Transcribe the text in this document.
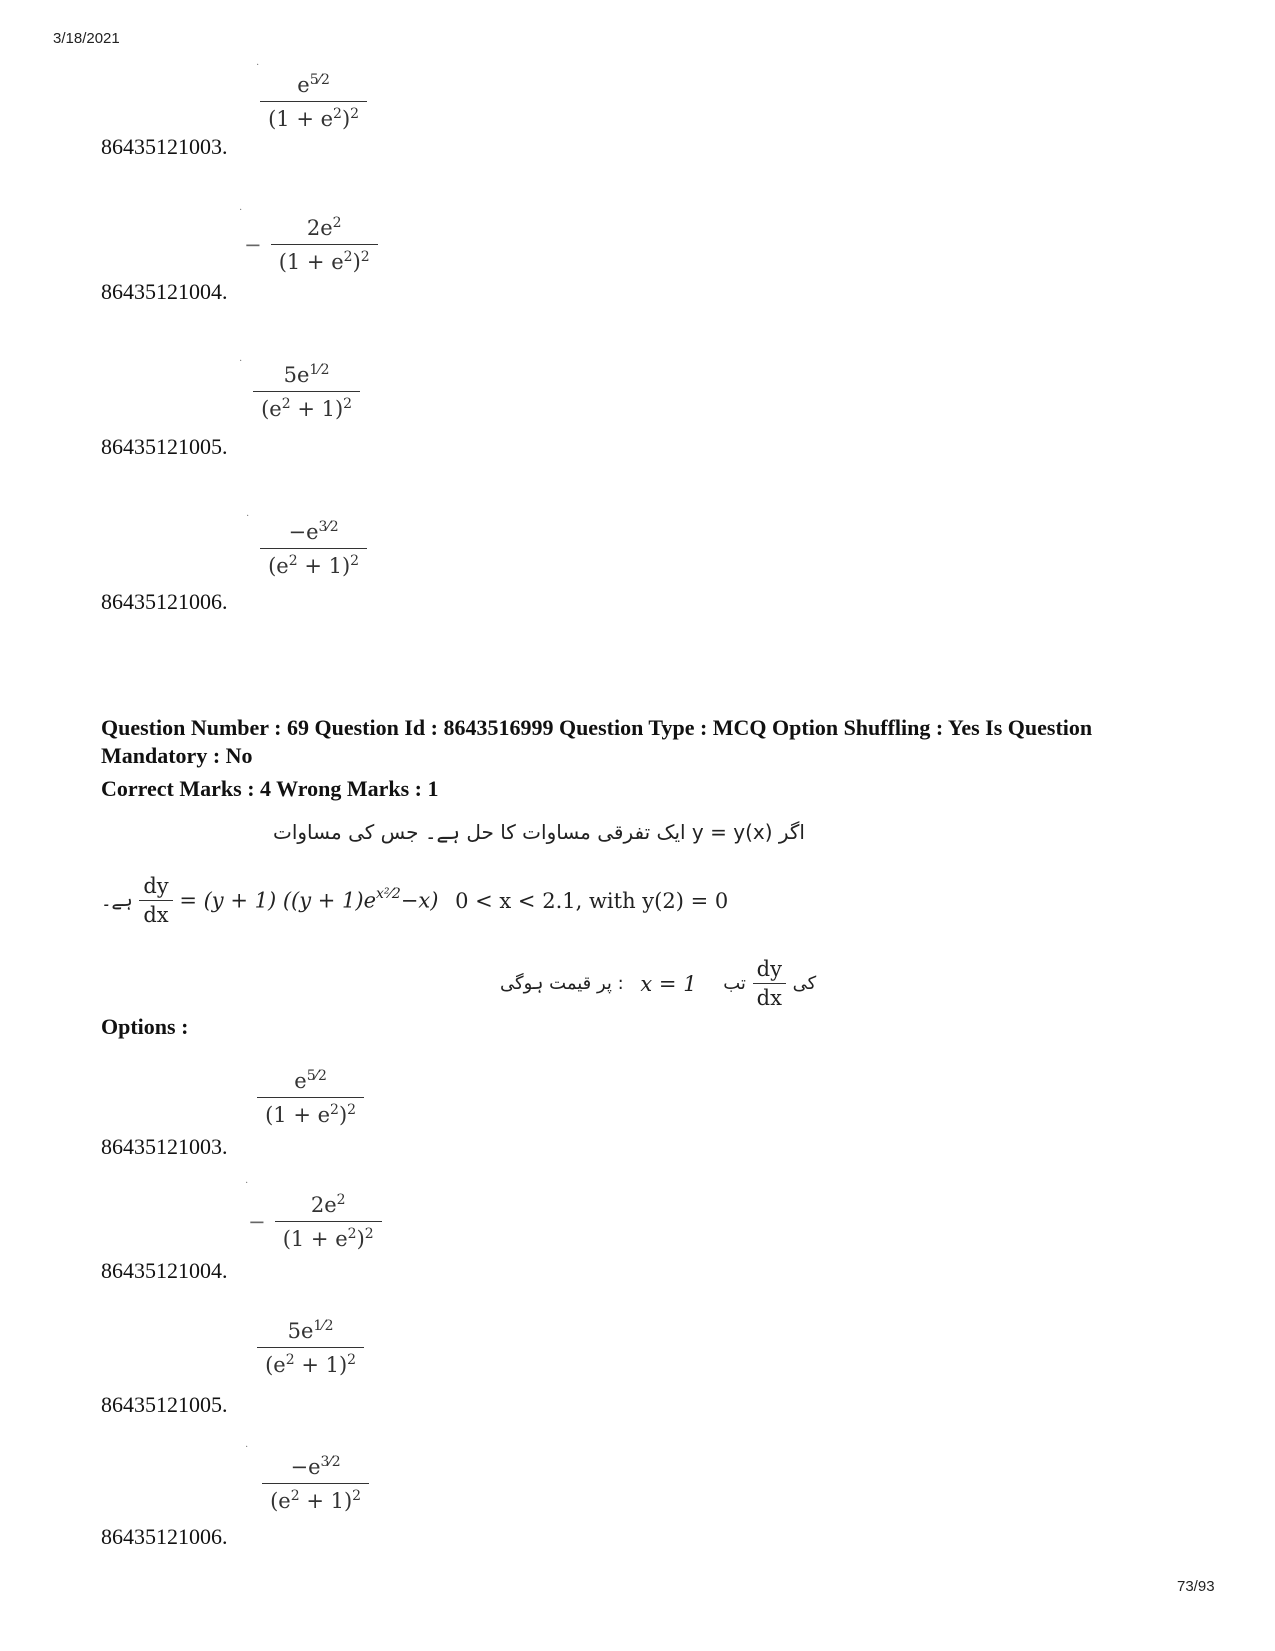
3/18/2021
·

$\frac{e^{5⁄2}}{(1 + e^2)^2}$
86435121003.
·
− $\frac{2e^2}{(1 + e^2)^2}$
86435121004.
·

$\frac{5e^{1⁄2}}{(e^2 + 1)^2}$
86435121005.
·

$\frac{-e^{3⁄2}}{(e^2 + 1)^2}$
86435121006.
Question Number : 69 Question Id : 8643516999 Question Type : MCQ Option Shuffling : Yes Is Question Mandatory : No
Correct Marks : 4 Wrong Marks : 1
اگر y = y(x) ایک تفرقی مساوات کا حل ہے۔ جس کی مساوات
ہے۔ $\frac{dy}{dx} = (y + 1) ((y + 1)e^{x^2⁄2}-x) 0 < x < 2.1$, with y(2) = 0
پر قیمت ہوگی : x = 1	کی
$\frac{dy}{dx}$
تب
Options :

$\frac{e^{5⁄2}}{(1 + e^2)^2}$
86435121003.
·
− $\frac{2e^2}{(1 + e^2)^2}$
86435121004.

$\frac{5e^{1⁄2}}{(e^2 + 1)^2}$
86435121005.
·

$\frac{-e^{3⁄2}}{(e^2 + 1)^2}$
86435121006.
73/93
